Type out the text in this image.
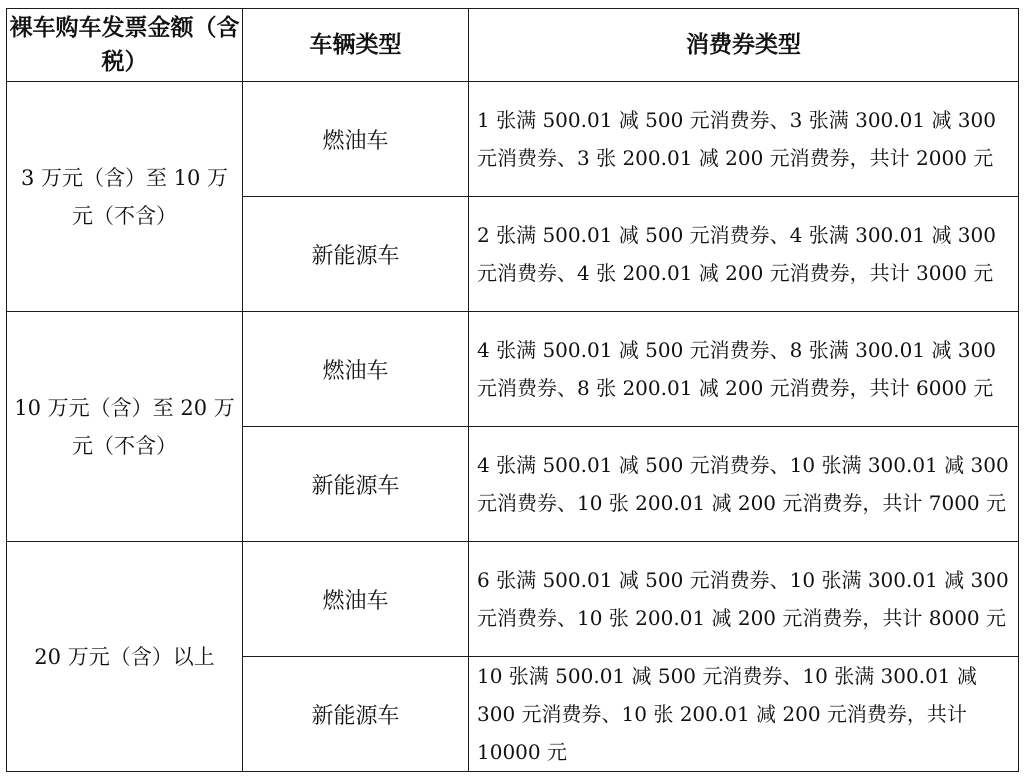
裸车购车发票金额（含税）	车辆类型	消费券类型
3 万元（含）至 10 万元（不含）	燃油车	1 张满 500.01 减 500 元消费券、3 张满 300.01 减 300 元消费券、3 张 200.01 减 200 元消费券，共计 2000 元
	新能源车	2 张满 500.01 减 500 元消费券、4 张满 300.01 减 300 元消费券、4 张 200.01 减 200 元消费券，共计 3000 元
10 万元（含）至 20 万元（不含）	燃油车	4 张满 500.01 减 500 元消费券、8 张满 300.01 减 300 元消费券、8 张 200.01 减 200 元消费券，共计 6000 元
	新能源车	4 张满 500.01 减 500 元消费券、10 张满 300.01 减 300 元消费券、10 张 200.01 减 200 元消费券，共计 7000 元
20 万元（含）以上	燃油车	6 张满 500.01 减 500 元消费券、10 张满 300.01 减 300 元消费券、10 张 200.01 减 200 元消费券，共计 8000 元
	新能源车	10 张满 500.01 减 500 元消费券、10 张满 300.01 减 300 元消费券、10 张 200.01 减 200 元消费券，共计 10000 元
